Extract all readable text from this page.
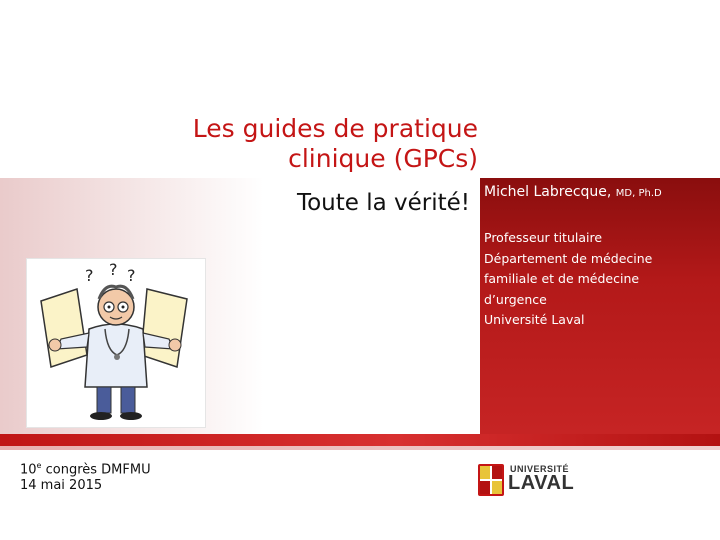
Les guides de pratique
clinique (GPCs)
Toute la vérité! Michel Labrecque, MD, Ph.D
Professeur titulaire
Département de médecine
familiale et de médecine
d’urgence
Université Laval
? ? ?
10e congrès DMFMU
14 mai 2015
UNIVERSITÉ
LAVAL
